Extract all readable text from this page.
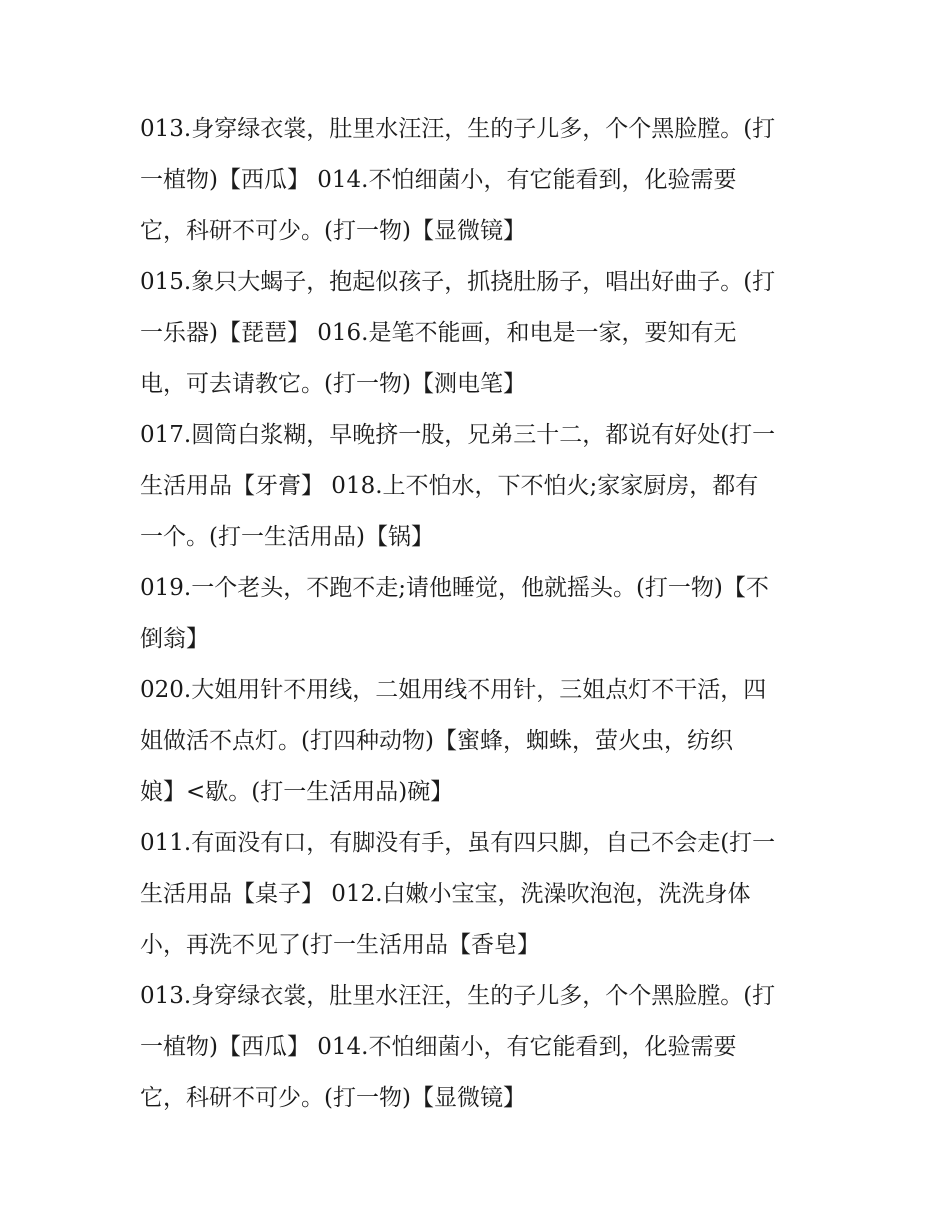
013.身穿绿衣裳，肚里水汪汪，生的子儿多，个个黑脸膛。(打
一植物)【西瓜】 014.不怕细菌小，有它能看到，化验需要
它，科研不可少。(打一物)【显微镜】
015.象只大蝎子，抱起似孩子，抓挠肚肠子，唱出好曲子。(打
一乐器)【琵琶】 016.是笔不能画，和电是一家，要知有无
电，可去请教它。(打一物)【测电笔】
017.圆筒白浆糊，早晚挤一股，兄弟三十二，都说有好处(打一
生活用品【牙膏】 018.上不怕水，下不怕火;家家厨房，都有
一个。(打一生活用品)【锅】
019.一个老头，不跑不走;请他睡觉，他就摇头。(打一物)【不
倒翁】
020.大姐用针不用线，二姐用线不用针，三姐点灯不干活，四
姐做活不点灯。(打四种动物)【蜜蜂，蜘蛛，萤火虫，纺织
娘】<歇。(打一生活用品)碗】
011.有面没有口，有脚没有手，虽有四只脚，自己不会走(打一
生活用品【桌子】 012.白嫩小宝宝，洗澡吹泡泡，洗洗身体
小，再洗不见了(打一生活用品【香皂】
013.身穿绿衣裳，肚里水汪汪，生的子儿多，个个黑脸膛。(打
一植物)【西瓜】 014.不怕细菌小，有它能看到，化验需要
它，科研不可少。(打一物)【显微镜】
